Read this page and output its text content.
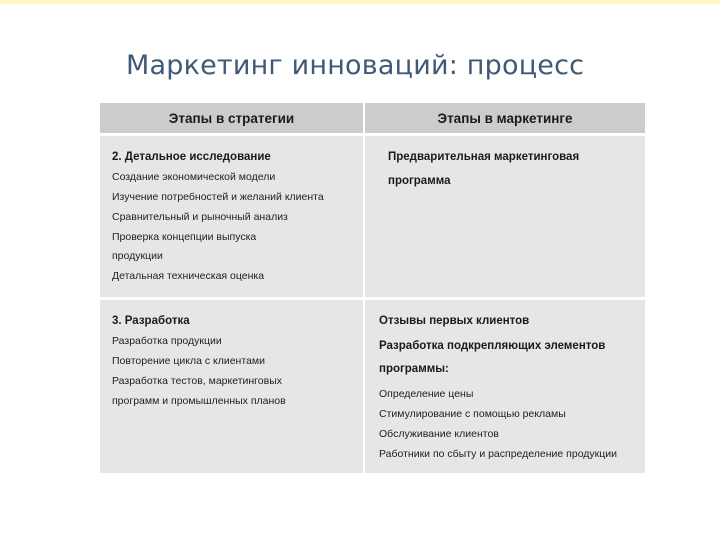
Маркетинг инноваций: процесс
Этапы в стратегии	Этапы в маркетинге
2. Детальное исследование
Создание экономической модели
Изучение потребностей и желаний клиента
Сравнительный и рыночный анализ
Проверка концепции выпуска
продукции
Детальная техническая оценка
Предварительная маркетинговая
программа
3. Разработка
Разработка продукции
Повторение цикла с клиентами
Разработка тестов, маркетинговых
программ и промышленных планов
Отзывы первых клиентов
Разработка подкрепляющих элементов
программы:
Определение цены
Стимулирование с помощью рекламы
Обслуживание клиентов
Работники по сбыту и распределение продукции
